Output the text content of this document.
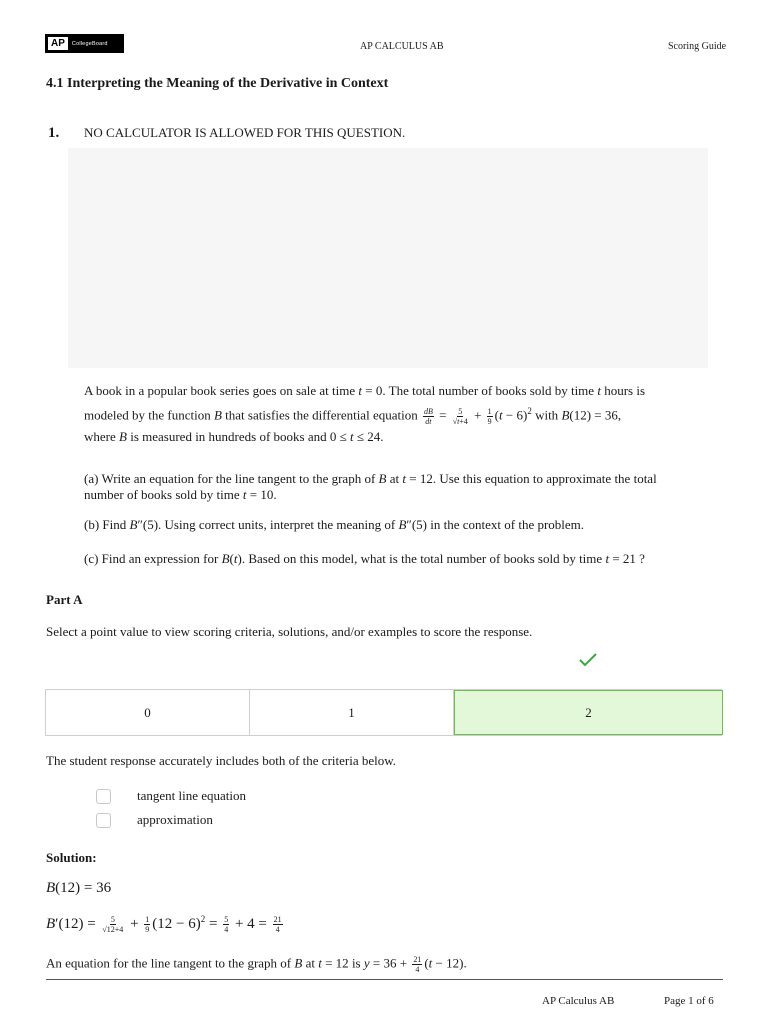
AP	CollegeBoard	AP CALCULUS AB	Scoring Guide
4.1 Interpreting the Meaning of the Derivative in Context
1. NO CALCULATOR IS ALLOWED FOR THIS QUESTION.
A book in a popular book series goes on sale at time t = 0. The total number of books sold by time t hours is
modeled by the function B that satisfies the differential equation $\frac{dB}{dt} = \frac{5}{√t+4} + \frac{1}{9} (t - 6)^2$ with B(12) = 36,
where B is measured in hundreds of books and 0 ≤ t ≤ 24.
(a) Write an equation for the line tangent to the graph of B at t = 12. Use this equation to approximate the total
number of books sold by time t = 10.
(b) Find B″(5). Using correct units, interpret the meaning of B″(5) in the context of the problem.
(c) Find an expression for B(t). Based on this model, what is the total number of books sold by time t = 21 ?
Part A
Select a point value to view scoring criteria, solutions, and/or examples to score the response.
0	1	2
The student response accurately includes both of the criteria below.
tangent line equation
approximation
Solution:
B(12) = 36
$B'(12) = \frac{5}{√12+4} + \frac{1}{9} (12 - 6)^2 = \frac{5}{4} + 4 = \frac{21}{4}$
An equation for the line tangent to the graph of B at t = 12 is $y = 36 + \frac{21}{4} (t - 12)$.
AP Calculus AB	Page 1 of 6
